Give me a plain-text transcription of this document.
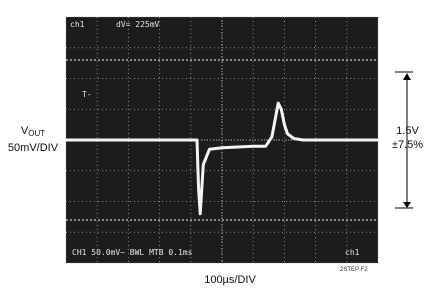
$V_{OUT}$
50mV/DIV
ch1	dV= 225mV
T-
CH1 50.0mV~ BWL MTB 0.1ms	ch1
1.5V
±7.5%
100µs/DIV
2STEP F2
